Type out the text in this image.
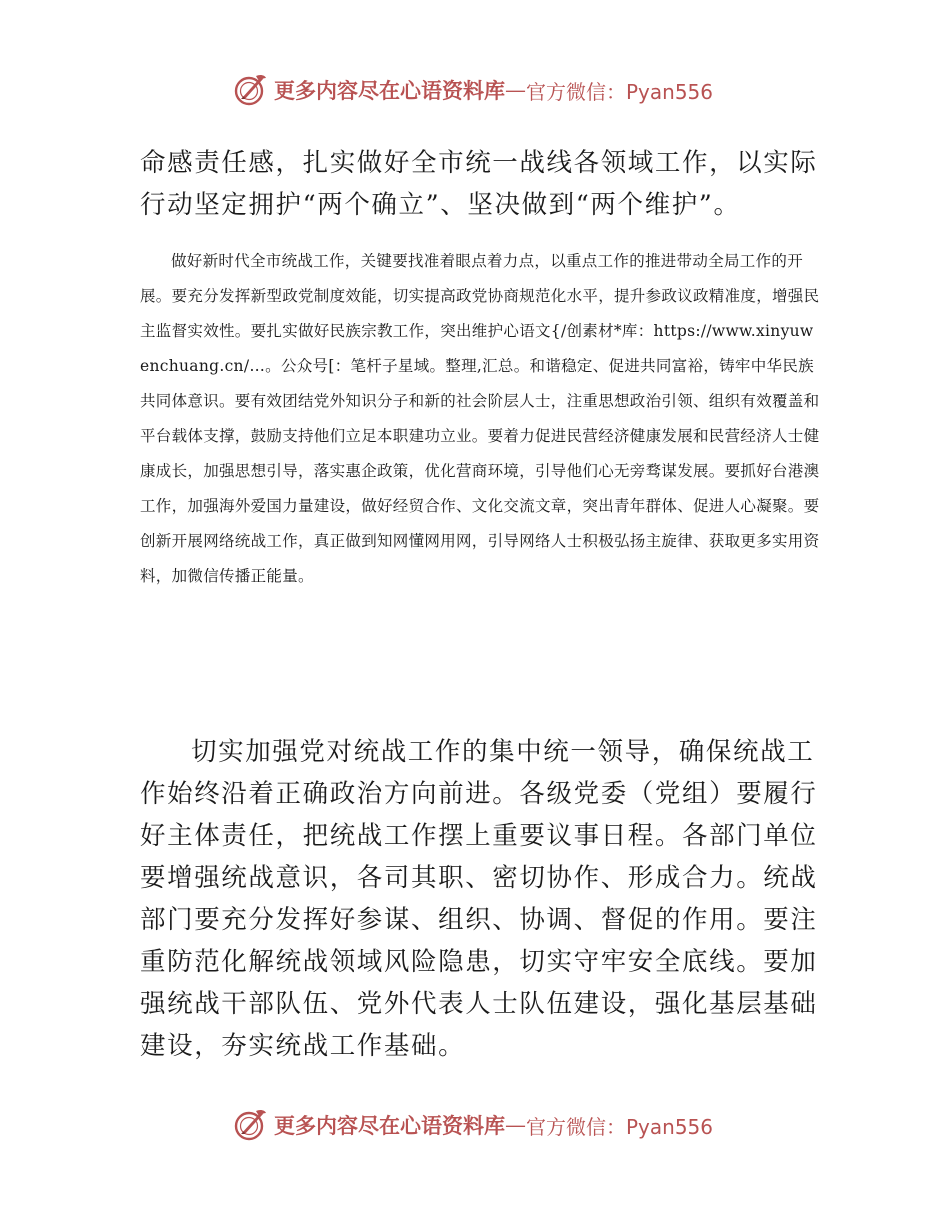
更多内容尽在心语资料库 — 官方微信：Pyan556

命感责任感，扎实做好全市统一战线各领域工作，以实际行动坚定拥护“两个确立”、坚决做到“两个维护”。

做好新时代全市统战工作，关键要找准着眼点着力点，以重点工作的推进带动全局工作的开展。要充分发挥新型政党制度效能，切实提高政党协商规范化水平，提升参政议政精准度，增强民主监督实效性。要扎实做好民族宗教工作，突出维护心语文{/创素材*库：https://www.xinyuwenchuang.cn/…。公众号[：笔杆子星域。整理,汇总。和谐稳定、促进共同富裕，铸牢中华民族共同体意识。要有效团结党外知识分子和新的社会阶层人士，注重思想政治引领、组织有效覆盖和平台载体支撑，鼓励支持他们立足本职建功立业。要着力促进民营经济健康发展和民营经济人士健康成长，加强思想引导，落实惠企政策，优化营商环境，引导他们心无旁骛谋发展。要抓好台港澳工作，加强海外爱国力量建设，做好经贸合作、文化交流文章，突出青年群体、促进人心凝聚。要创新开展网络统战工作，真正做到知网懂网用网，引导网络人士积极弘扬主旋律、获取更多实用资料，加微信传播正能量。

切实加强党对统战工作的集中统一领导，确保统战工作始终沿着正确政治方向前进。各级党委（党组）要履行好主体责任，把统战工作摆上重要议事日程。各部门单位要增强统战意识，各司其职、密切协作、形成合力。统战部门要充分发挥好参谋、组织、协调、督促的作用。要注重防范化解统战领域风险隐患，切实守牢安全底线。要加强统战干部队伍、党外代表人士队伍建设，强化基层基础建设，夯实统战工作基础。

更多内容尽在心语资料库 — 官方微信：Pyan556
